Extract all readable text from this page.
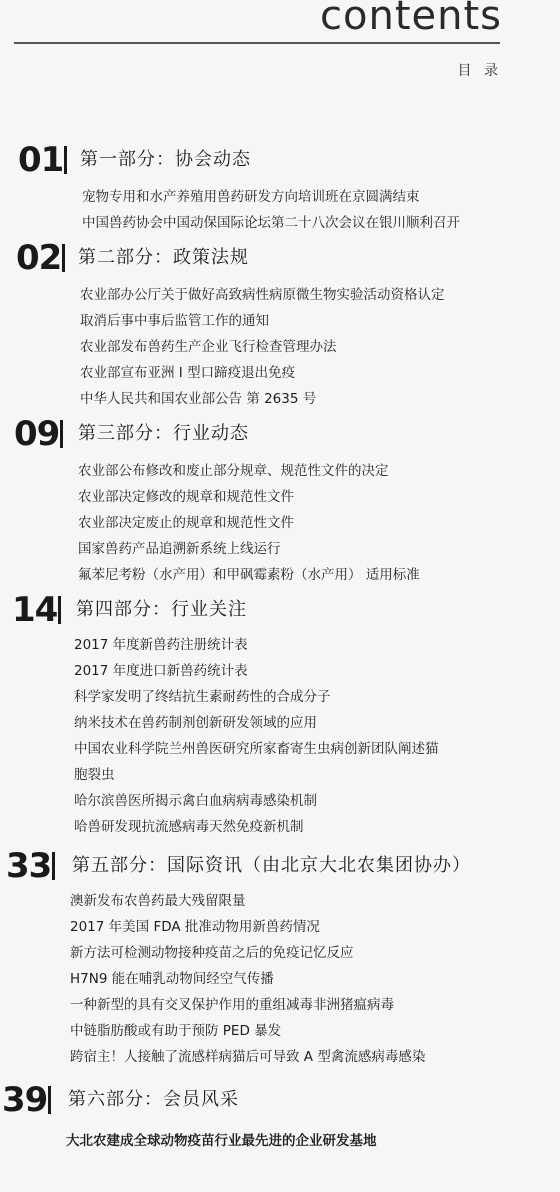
contents
目 录
01 第一部分：协会动态
宠物专用和水产养殖用兽药研发方向培训班在京圆满结束
中国兽药协会中国动保国际论坛第二十八次会议在银川顺利召开
02 第二部分：政策法规
农业部办公厅关于做好高致病性病原微生物实验活动资格认定
取消后事中事后监管工作的通知
农业部发布兽药生产企业飞行检查管理办法
农业部宣布亚洲 I 型口蹄疫退出免疫
中华人民共和国农业部公告 第 2635 号
09 第三部分：行业动态
农业部公布修改和废止部分规章、规范性文件的决定
农业部决定修改的规章和规范性文件
农业部决定废止的规章和规范性文件
国家兽药产品追溯新系统上线运行
氟苯尼考粉（水产用）和甲砜霉素粉（水产用） 适用标准
14 第四部分：行业关注
2017 年度新兽药注册统计表
2017 年度进口新兽药统计表
科学家发明了终结抗生素耐药性的合成分子
纳米技术在兽药制剂创新研发领域的应用
中国农业科学院兰州兽医研究所家畜寄生虫病创新团队阐述猫
胞裂虫
哈尔滨兽医所揭示禽白血病病毒感染机制
哈兽研发现抗流感病毒天然免疫新机制
33 第五部分：国际资讯（由北京大北农集团协办）
澳新发布农兽药最大残留限量
2017 年美国 FDA 批准动物用新兽药情况
新方法可检测动物接种疫苗之后的免疫记忆反应
H7N9 能在哺乳动物间经空气传播
一种新型的具有交叉保护作用的重组减毒非洲猪瘟病毒
中链脂肪酸或有助于预防 PED 暴发
跨宿主！人接触了流感样病猫后可导致 A 型禽流感病毒感染
39 第六部分：会员风采
大北农建成全球动物疫苗行业最先进的企业研发基地
